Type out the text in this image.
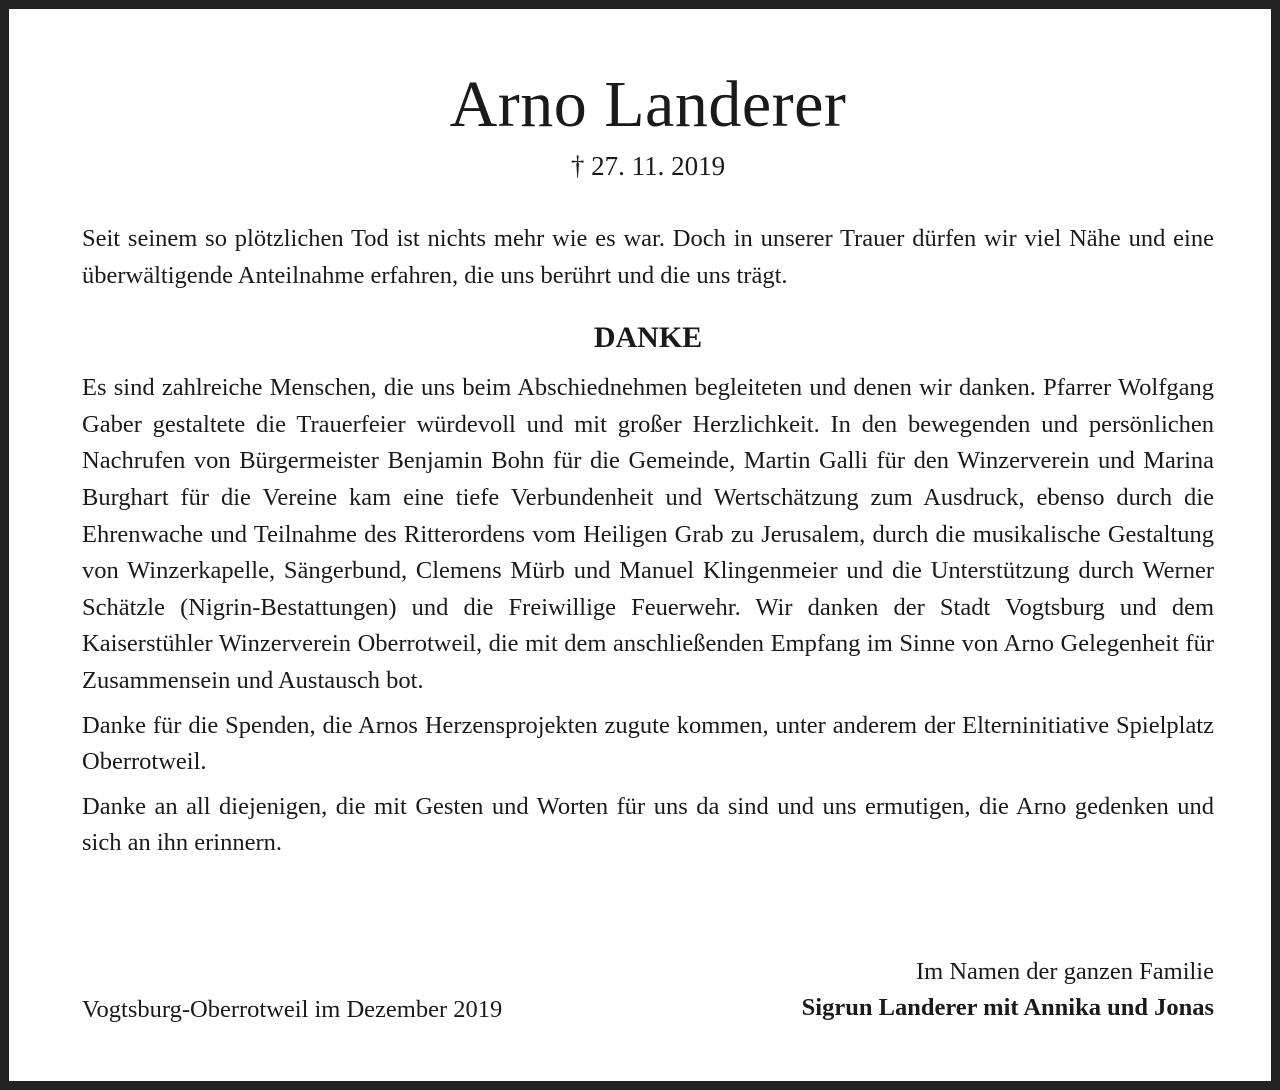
Arno Landerer
† 27. 11. 2019

Seit seinem so plötzlichen Tod ist nichts mehr wie es war. Doch in unserer Trauer dürfen wir viel Nähe und eine überwältigende Anteilnahme erfahren, die uns berührt und die uns trägt.

DANKE

Es sind zahlreiche Menschen, die uns beim Abschiednehmen begleiteten und denen wir danken. Pfarrer Wolfgang Gaber gestaltete die Trauerfeier würdevoll und mit großer Herzlichkeit. In den bewegenden und persönlichen Nachrufen von Bürgermeister Benjamin Bohn für die Gemeinde, Martin Galli für den Winzerverein und Marina Burghart für die Vereine kam eine tiefe Verbundenheit und Wertschätzung zum Ausdruck, ebenso durch die Ehrenwache und Teilnahme des Ritterordens vom Heiligen Grab zu Jerusalem, durch die musikalische Gestaltung von Winzerkapelle, Sängerbund, Clemens Mürb und Manuel Klingenmeier und die Unterstützung durch Werner Schätzle (Nigrin-Bestattungen) und die Freiwillige Feuerwehr. Wir danken der Stadt Vogtsburg und dem Kaiserstühler Winzerverein Oberrotweil, die mit dem anschließenden Empfang im Sinne von Arno Gelegenheit für Zusammensein und Austausch bot.

Danke für die Spenden, die Arnos Herzensprojekten zugute kommen, unter anderem der Elterninitiative Spielplatz Oberrotweil.

Danke an all diejenigen, die mit Gesten und Worten für uns da sind und uns ermutigen, die Arno gedenken und sich an ihn erinnern.

Vogtsburg-Oberrotweil im Dezember 2019
Im Namen der ganzen Familie
Sigrun Landerer mit Annika und Jonas
